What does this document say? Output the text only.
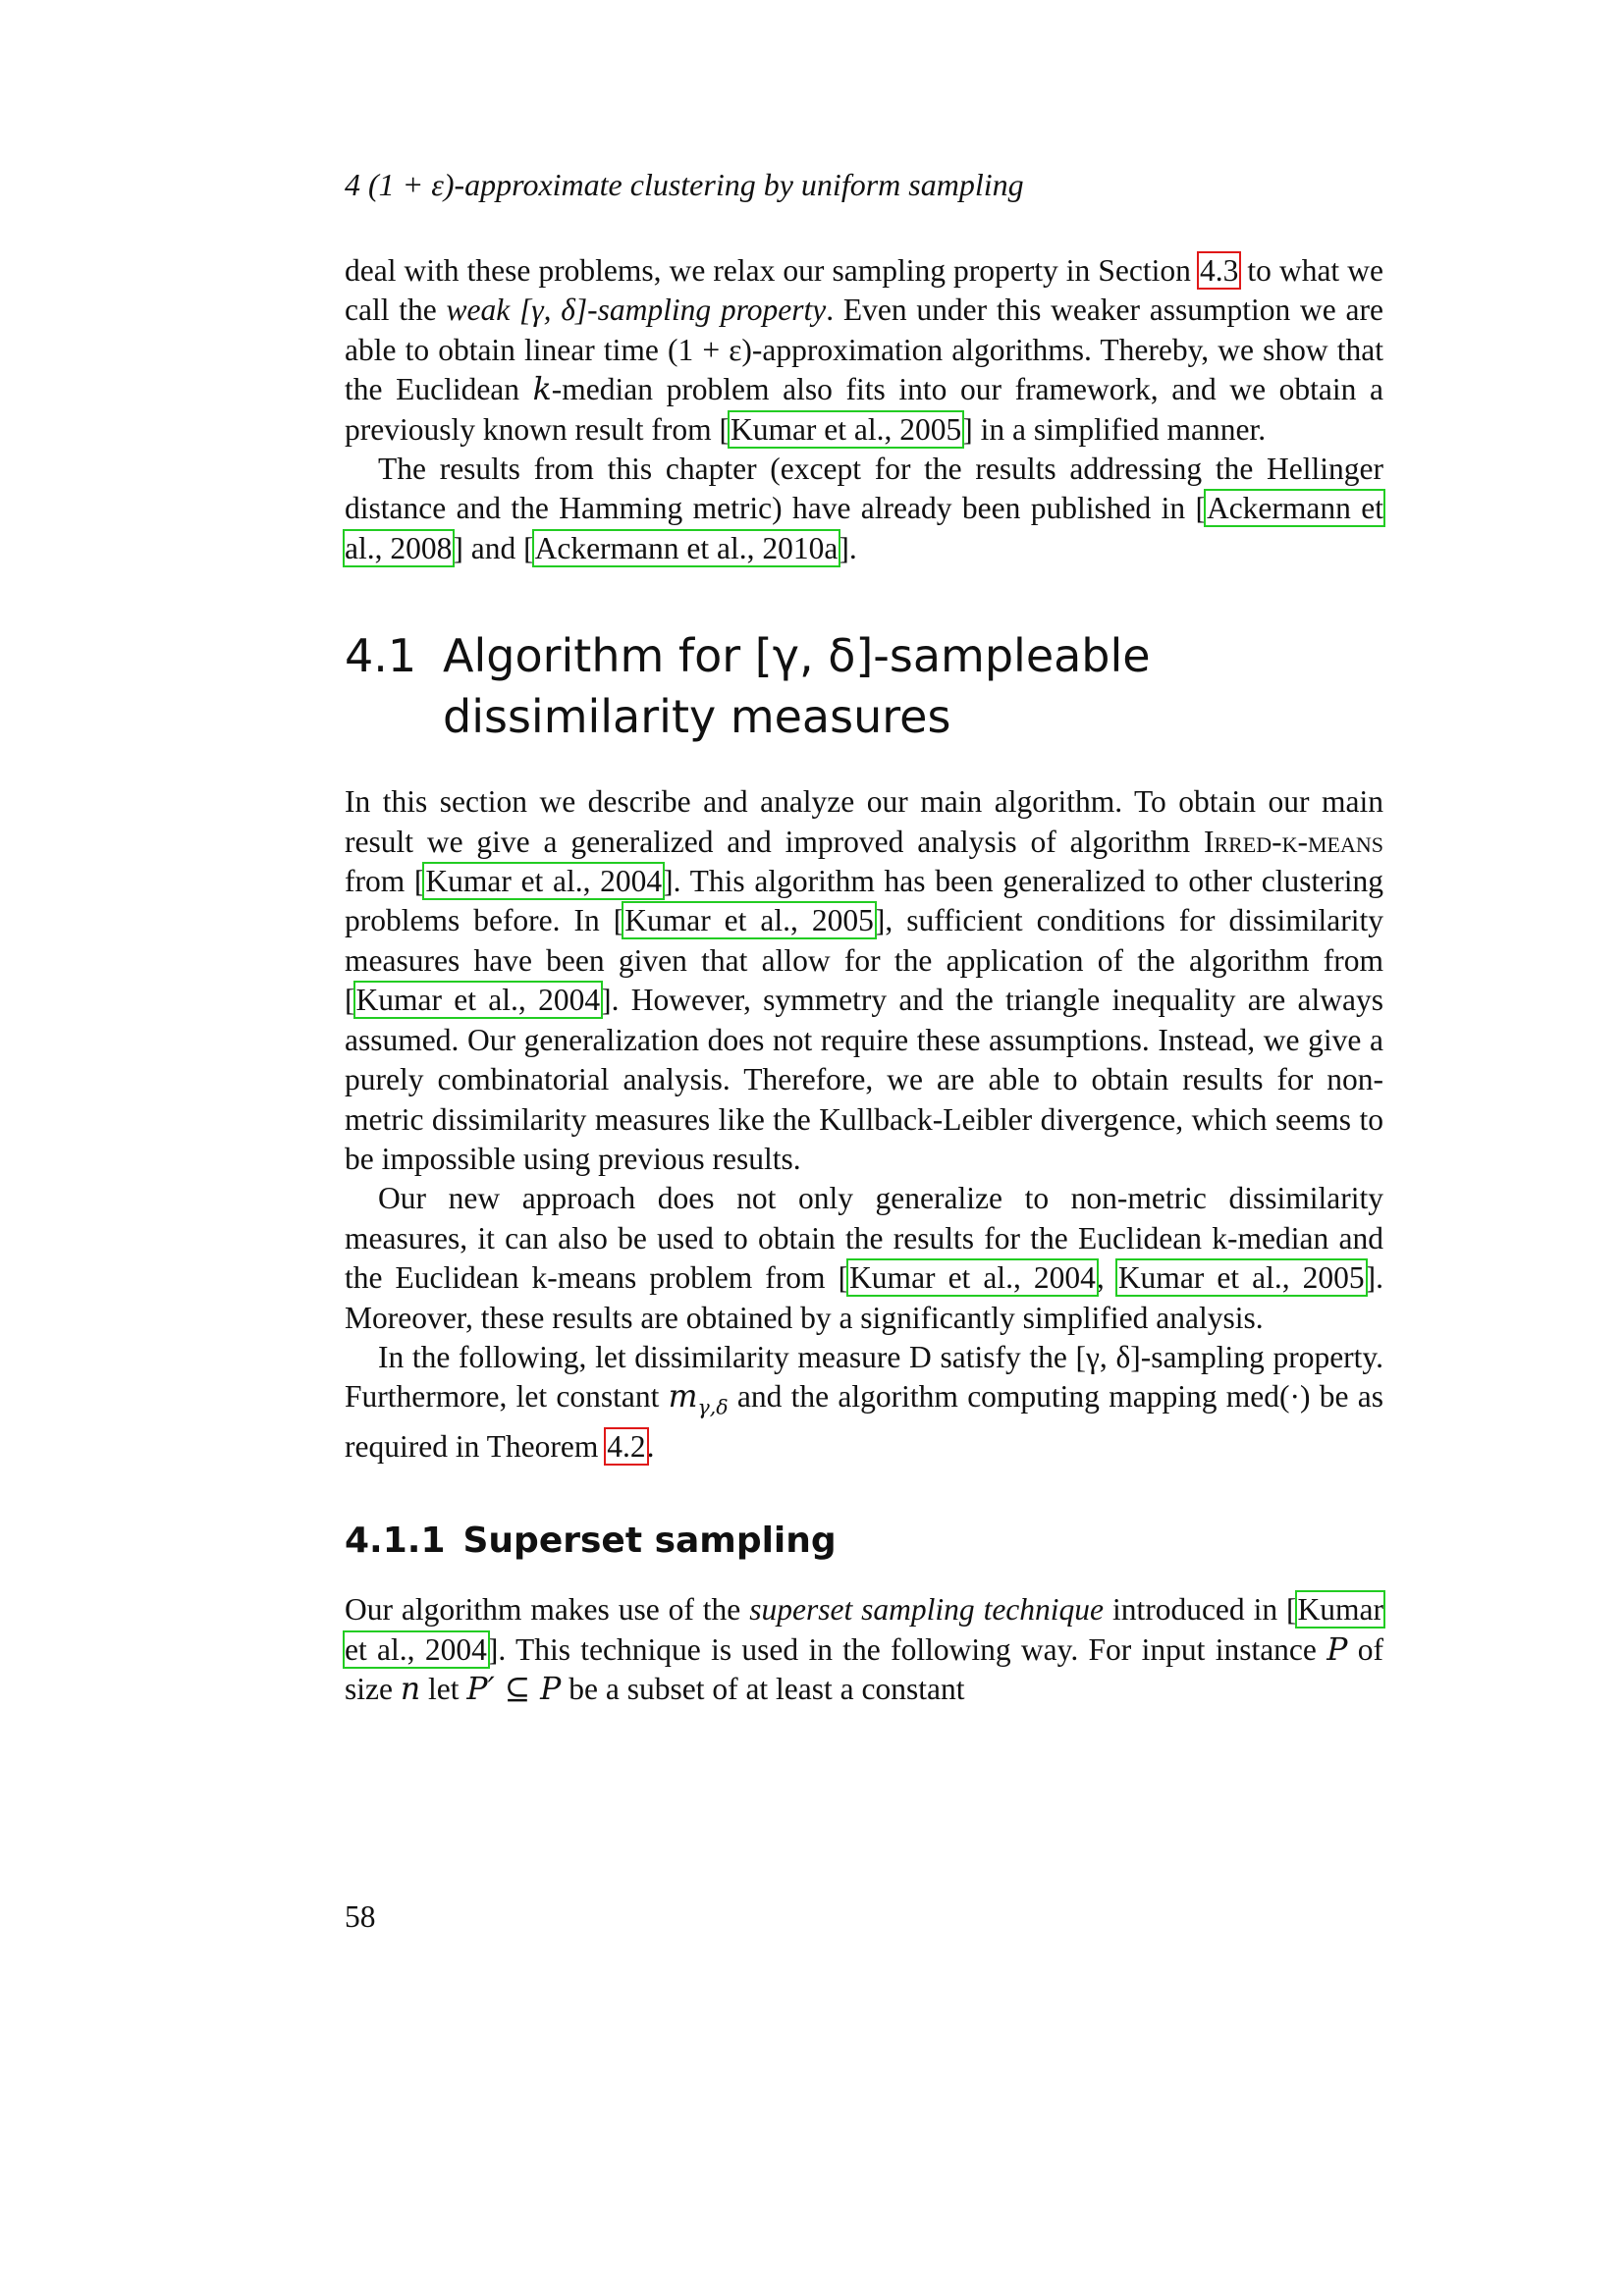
4 (1 + ε)-approximate clustering by uniform sampling

deal with these problems, we relax our sampling property in Section 4.3 to what we call the weak [γ, δ]-sampling property. Even under this weaker assumption we are able to obtain linear time (1 + ε)-approximation algorithms. Thereby, we show that the Euclidean k-median problem also fits into our framework, and we obtain a previously known result from [Kumar et al., 2005] in a simplified manner.

The results from this chapter (except for the results addressing the Hellinger distance and the Hamming metric) have already been published in [Ackermann et al., 2008] and [Ackermann et al., 2010a].

4.1 Algorithm for [γ, δ]-sampleable
dissimilarity measures

In this section we describe and analyze our main algorithm. To obtain our main result we give a generalized and improved analysis of algorithm Irred-k-means from [Kumar et al., 2004]. This algorithm has been generalized to other clustering problems before. In [Kumar et al., 2005], sufficient conditions for dissimilarity measures have been given that allow for the application of the algorithm from [Kumar et al., 2004]. However, symmetry and the triangle inequality are always assumed. Our generalization does not require these assumptions. Instead, we give a purely combinatorial analysis. Therefore, we are able to obtain results for non-metric dissimilarity measures like the Kullback-Leibler divergence, which seems to be impossible using previous results.

Our new approach does not only generalize to non-metric dissimilarity measures, it can also be used to obtain the results for the Euclidean k-median and the Euclidean k-means problem from [Kumar et al., 2004, Kumar et al., 2005]. Moreover, these results are obtained by a significantly simplified analysis.

In the following, let dissimilarity measure D satisfy the [γ, δ]-sampling property. Furthermore, let constant $m_{\gamma,\delta}$ and the algorithm computing mapping med(·) be as required in Theorem 4.2.

4.1.1 Superset sampling

Our algorithm makes use of the superset sampling technique introduced in [Kumar et al., 2004]. This technique is used in the following way. For input instance P of size n let P′ ⊆ P be a subset of at least a constant

58
